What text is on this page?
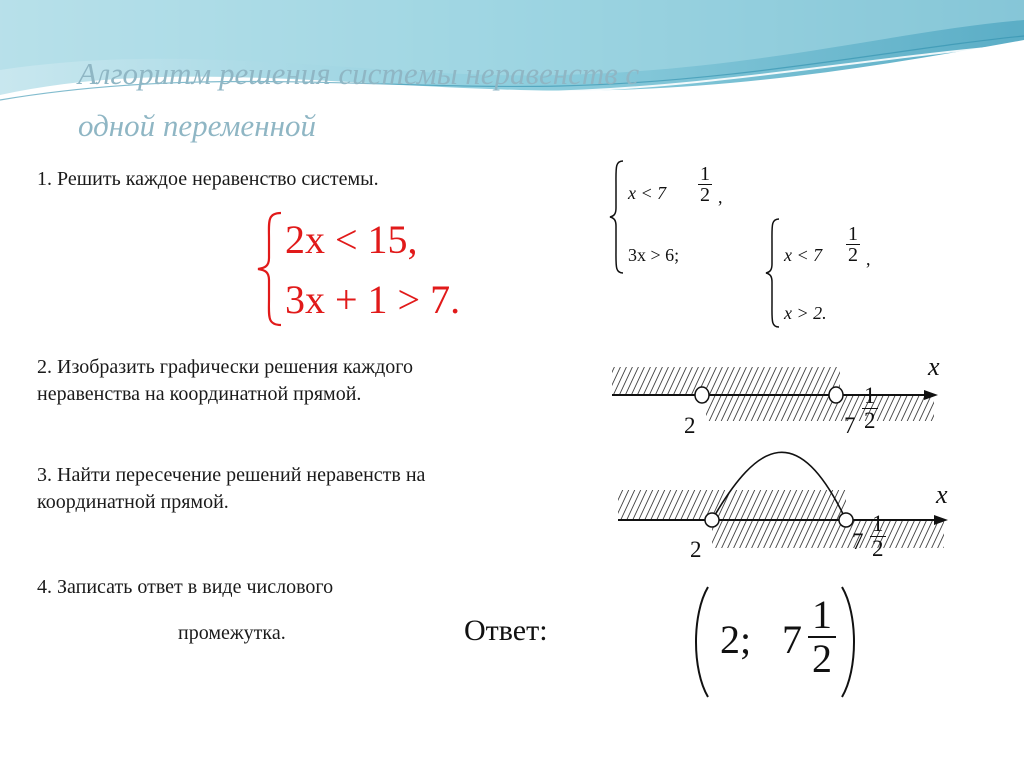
Алгоритм решения системы неравенств с
одной переменной
1. Решить каждое неравенство системы.
2x < 15,
3x + 1 > 7.
$x < 7 \frac{1}{2}$ ,
3x > 6;	$x < 7 \frac{1}{2}$ ,
x > 2.
2. Изобразить графически решения каждого
неравенства на координатной прямой.
x
2	$7 \frac{1}{2}$
3. Найти пересечение решений неравенств на
координатной прямой.	x
2	$7 \frac{1}{2}$
4. Записать ответ в виде числового
промежутка.	Ответ:	2; $7 \frac{1}{2}$
